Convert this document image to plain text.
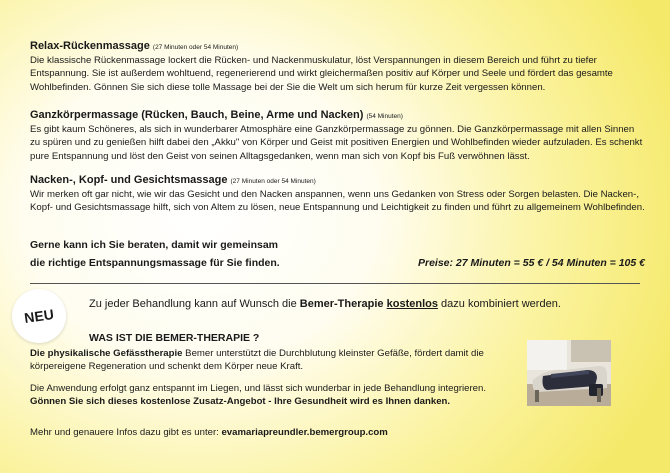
Relax-Rückenmassage (27 Minuten oder 54 Minuten)
Die klassische Rückenmassage lockert die Rücken- und Nackenmuskulatur, löst Verspannungen in diesem Bereich und führt zu tiefer Entspannung. Sie ist außerdem wohltuend, regenerierend und wirkt gleichermaßen positiv auf Körper und Seele und fördert das gesamte Wohlbefinden. Gönnen Sie sich diese tolle Massage bei der Sie die Welt um sich herum für kurze Zeit vergessen können.
Ganzkörpermassage (Rücken, Bauch, Beine, Arme und Nacken) (54 Minuten)
Es gibt kaum Schöneres, als sich in wunderbarer Atmosphäre eine Ganzkörpermassage zu gönnen. Die Ganzkörpermassage mit allen Sinnen zu spüren und zu genießen hilft dabei den „Akku" von Körper und Geist mit positiven Energien und Wohlbefinden wieder aufzuladen. Es schenkt pure Entspannung und löst den Geist von seinen Alltagsgedanken, wenn man sich von Kopf bis Fuß verwöhnen lässt.
Nacken-, Kopf- und Gesichtsmassage (27 Minuten oder 54 Minuten)
Wir merken oft gar nicht, wie wir das Gesicht und den Nacken anspannen, wenn uns Gedanken von Stress oder Sorgen belasten. Die Nacken-, Kopf- und Gesichtsmassage hilft, sich von Altem zu lösen, neue Entspannung und Leichtigkeit zu finden und führt zu allgemeinem Wohlbefinden.
Gerne kann ich Sie beraten, damit wir gemeinsam
die richtige Entspannungsmassage für Sie finden.	Preise: 27 Minuten = 55 € / 54 Minuten = 105 €
NEU
Zu jeder Behandlung kann auf Wunsch die Bemer-Therapie kostenlos dazu kombiniert werden.
WAS IST DIE BEMER-THERAPIE ?
Die physikalische Gefässtherapie Bemer unterstützt die Durchblutung kleinster Gefäße, fördert damit die körpereigene Regeneration und schenkt dem Körper neue Kraft.
Die Anwendung erfolgt ganz entspannt im Liegen, und lässt sich wunderbar in jede Behandlung integrieren.
Gönnen Sie sich dieses kostenlose Zusatz-Angebot - Ihre Gesundheit wird es Ihnen danken.
Mehr und genauere Infos dazu gibt es unter: evamariapreundler.bemergroup.com
